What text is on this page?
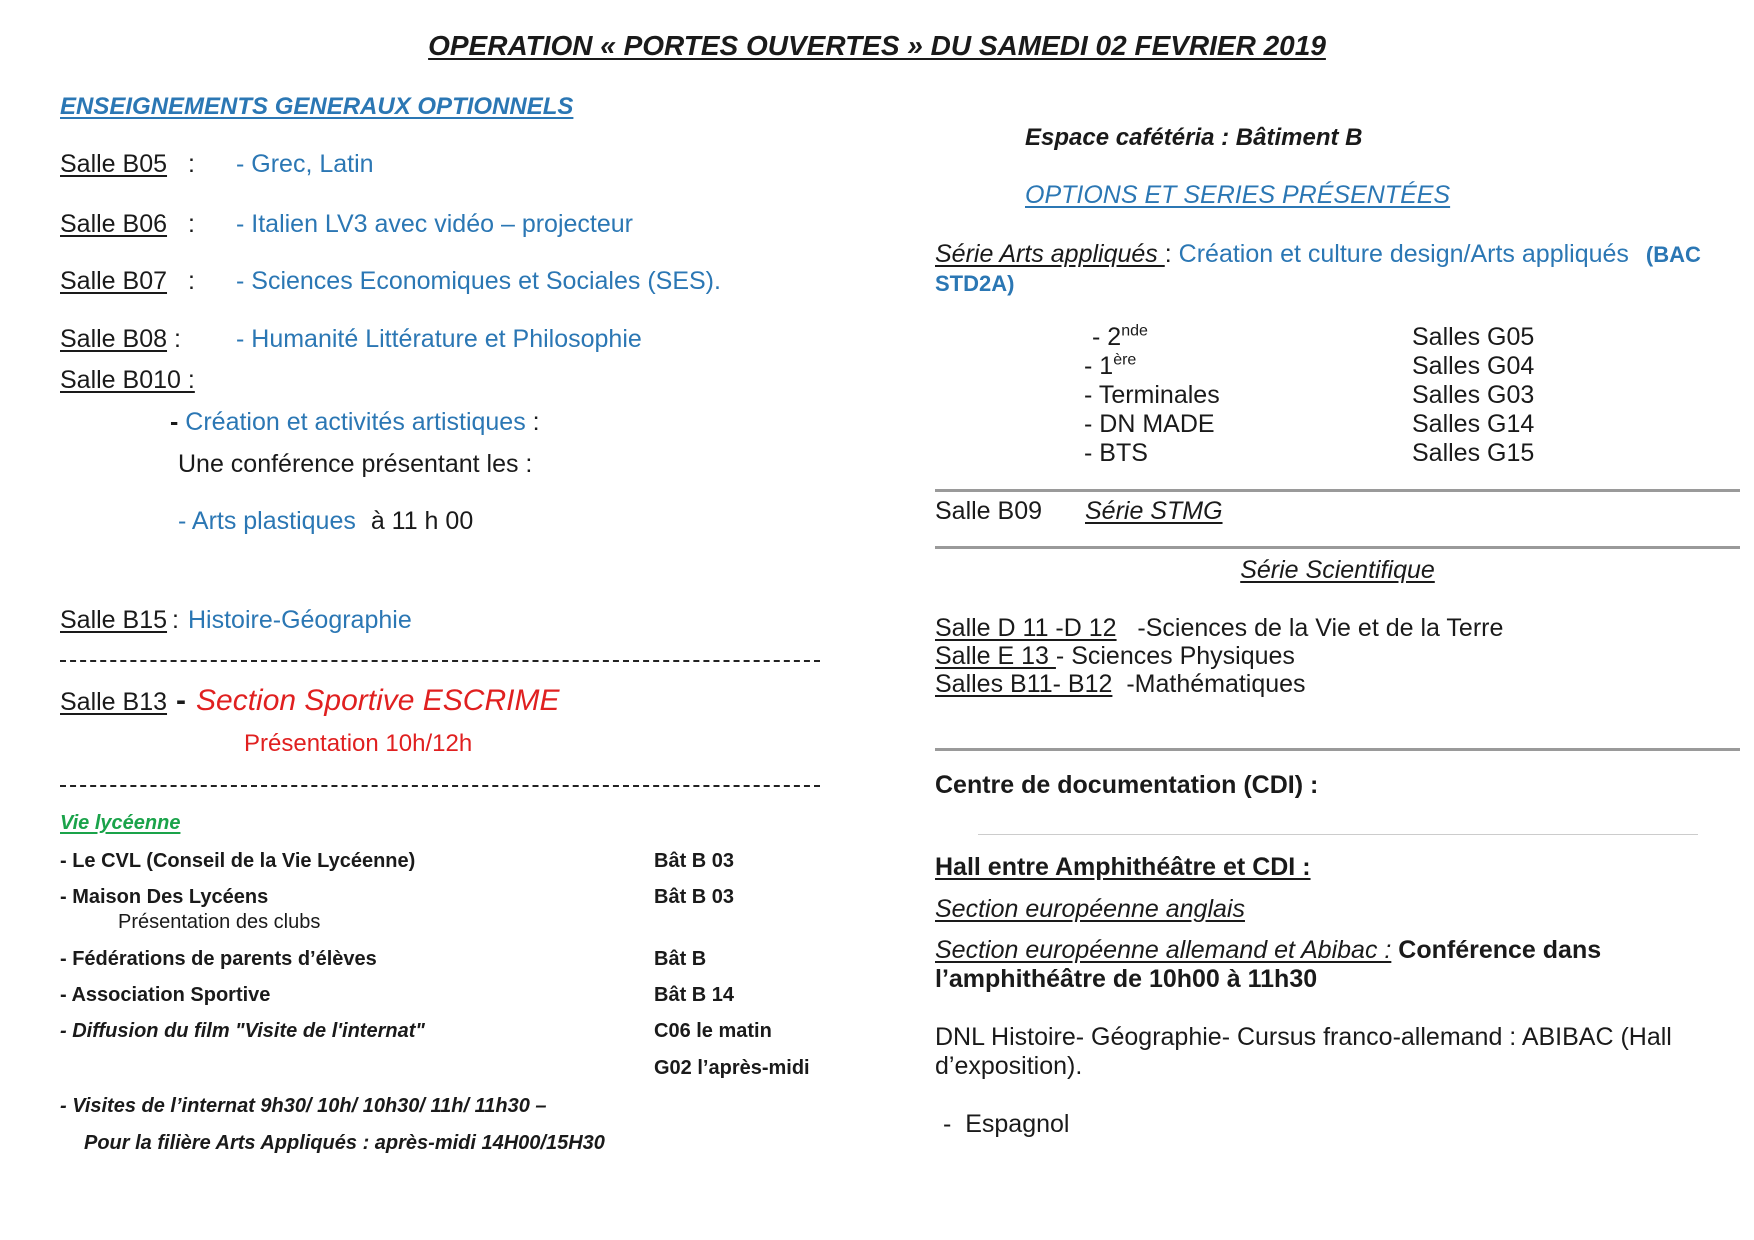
OPERATION « PORTES OUVERTES » DU SAMEDI 02 FEVRIER 2019
ENSEIGNEMENTS GENERAUX OPTIONNELS
Salle B05 : - Grec, Latin
Salle B06 : - Italien LV3 avec vidéo – projecteur
Salle B07 : - Sciences Economiques et Sociales (SES).
Salle B08 : - Humanité Littérature et Philosophie
Salle B010 :
- Création et activités artistiques :
Une conférence présentant les :
- Arts plastiques à 11 h 00
Salle B15 : Histoire-Géographie
Salle B13 - Section Sportive ESCRIME
Présentation 10h/12h
Vie lycéenne
- Le CVL (Conseil de la Vie Lycéenne)	Bât B 03
- Maison Des Lycéens	Bât B 03
Présentation des clubs
- Fédérations de parents d’élèves	Bât B
- Association Sportive	Bât B 14
- Diffusion du film "Visite de l'internat"	C06 le matin
G02 l’après-midi
- Visites de l’internat 9h30/ 10h/ 10h30/ 11h/ 11h30 –
Pour la filière Arts Appliqués : après-midi 14H00/15H30
Espace cafétéria : Bâtiment B
OPTIONS ET SERIES PRÉSENTÉES
Série Arts appliqués : Création et culture design/Arts appliqués (BAC STD2A)
- 2nde	Salles G05
- 1ère	Salles G04
- Terminales	Salles G03
- DN MADE	Salles G14
- BTS	Salles G15
Salle B09 Série STMG
Série Scientifique
Salle D 11 -D 12   -Sciences de la Vie et de la Terre
Salle E 13 - Sciences Physiques
Salles B11- B12  -Mathématiques
Centre de documentation (CDI) :
Hall entre Amphithéâtre et CDI :
Section européenne anglais
Section européenne allemand et Abibac : Conférence dans l’amphithéâtre de 10h00 à 11h30
DNL Histoire- Géographie- Cursus franco-allemand : ABIBAC (Hall d’exposition).
-  Espagnol
